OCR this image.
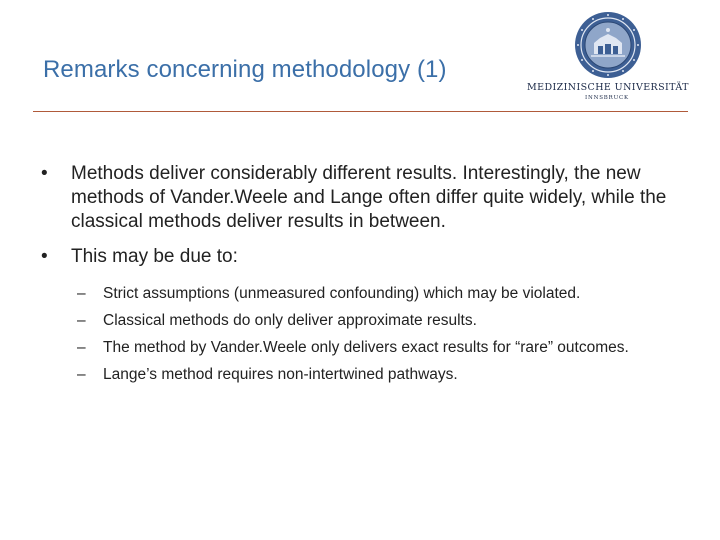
Remarks concerning methodology (1)
MEDIZINISCHE UNIVERSITÄT
INNSBRUCK
• Methods deliver considerably different results. Interestingly, the new methods of Vander.Weele and Lange often differ quite widely, while the classical methods deliver results in between.
• This may be due to:
– Strict assumptions (unmeasured confounding) which may be violated.
– Classical methods do only deliver approximate results.
– The method by Vander.Weele only delivers exact results for “rare” outcomes.
– Lange’s method requires non-intertwined pathways.
